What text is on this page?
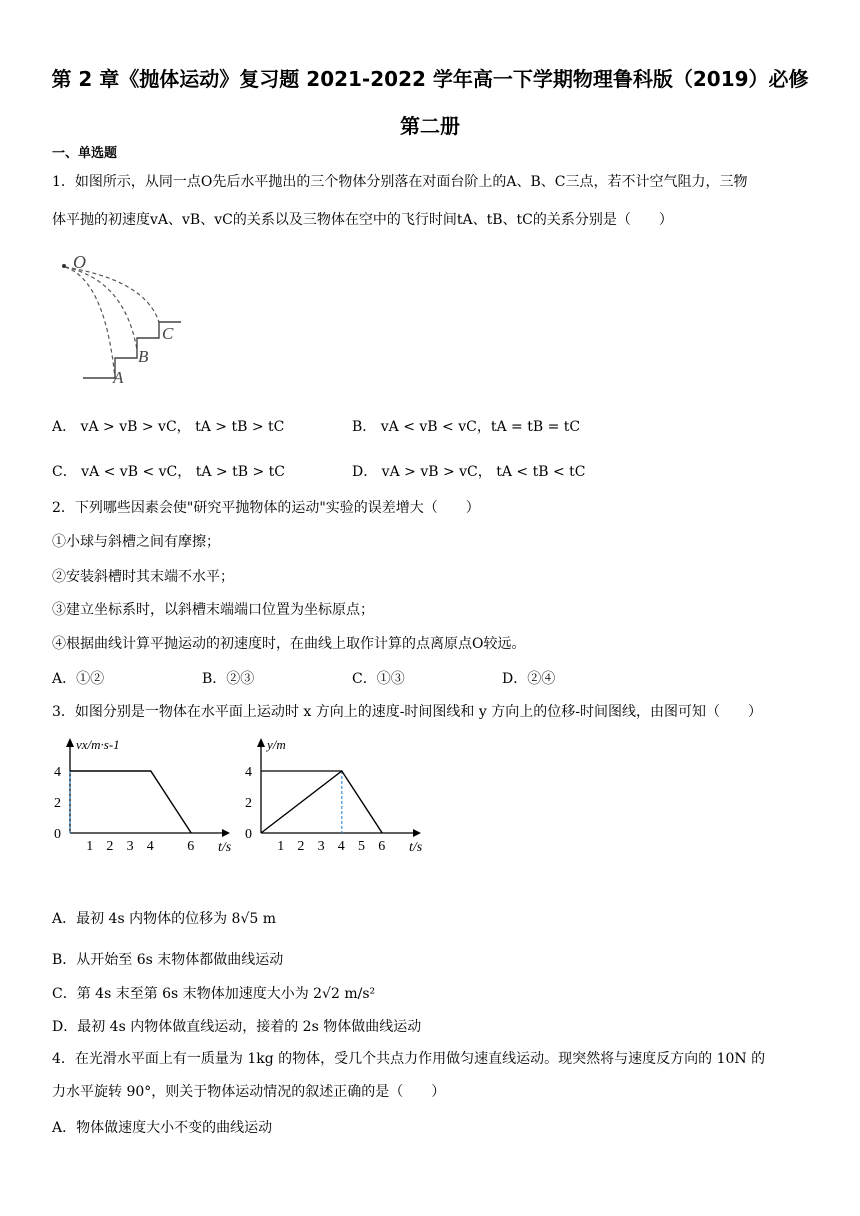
第 2 章《抛体运动》复习题 2021-2022 学年高一下学期物理鲁科版（2019）必修
第二册
一、单选题
1．如图所示，从同一点O先后水平抛出的三个物体分别落在对面台阶上的A、B、C三点，若不计空气阻力，三物
体平抛的初速度vA、vB、vC的关系以及三物体在空中的飞行时间tA、tB、tC的关系分别是（　　）
O
A
B
C
A． vA > vB > vC， tA > tB > tC	B． vA < vB < vC，tA = tB = tC
C． vA < vB < vC， tA > tB > tC	D． vA > vB > vC， tA < tB < tC
2．下列哪些因素会使"研究平抛物体的运动"实验的误差增大（　　）
①小球与斜槽之间有摩擦；
②安装斜槽时其末端不水平；
③建立坐标系时，以斜槽末端端口位置为坐标原点；
④根据曲线计算平抛运动的初速度时，在曲线上取作计算的点离原点O较远。
A．①②	B．②③	C．①③	D．②④
3．如图分别是一物体在水平面上运动时 x 方向上的速度-时间图线和 y 方向上的位移-时间图线，由图可知（　　）
vx/m·s-1
t/s
1 2 3 4 6
0
2
4
y/m
t/s
1 2 3 4 5 6
0
2
4
A．最初 4s 内物体的位移为 8√5 m
B．从开始至 6s 末物体都做曲线运动
C．第 4s 末至第 6s 末物体加速度大小为 2√2 m/s²
D．最初 4s 内物体做直线运动，接着的 2s 物体做曲线运动
4．在光滑水平面上有一质量为 1kg 的物体，受几个共点力作用做匀速直线运动。现突然将与速度反方向的 10N 的
力水平旋转 90°，则关于物体运动情况的叙述正确的是（　　）
A．物体做速度大小不变的曲线运动
